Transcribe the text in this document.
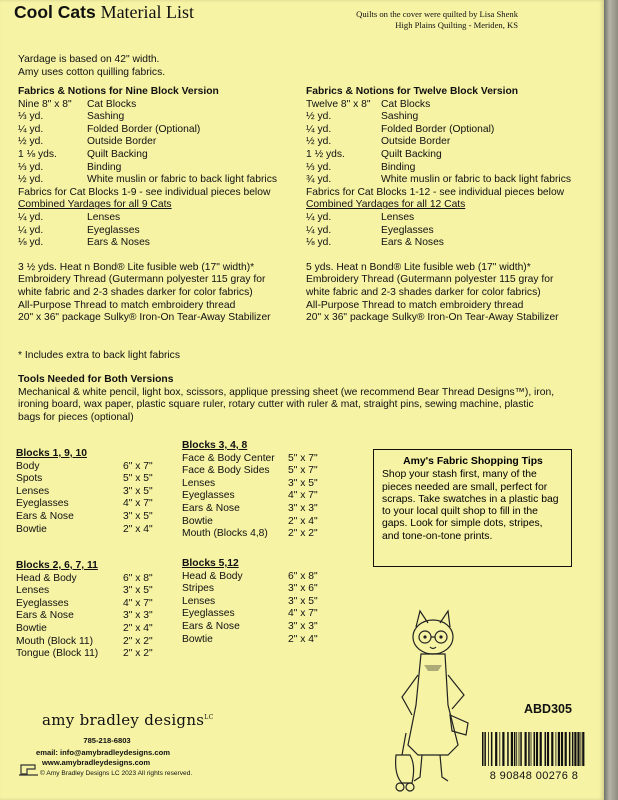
Cool Cats Material List	Quilts on the cover were quilted by Lisa Shenk
High Plains Quilting - Meriden, KS
Yardage is based on 42" width.
Amy uses cotton quilling fabrics.
Fabrics & Notions for Nine Block Version
Nine 8" x 8" Cat Blocks
⅓ yd.	Sashing
¼ yd.	Folded Border (Optional)
½ yd.	Outside Border
1 ⅛ yds.	Quilt Backing
⅓ yd.	Binding
½ yd.	White muslin or fabric to back light fabrics
Fabrics for Cat Blocks 1-9 - see individual pieces below
Combined Yardages for all 9 Cats
¼ yd.	Lenses
¼ yd.	Eyeglasses
⅛ yd.	Ears & Noses
3 ½ yds. Heat n Bond® Lite fusible web (17" width)*
Embroidery Thread (Gutermann polyester 115 gray for
white fabric and 2-3 shades darker for color fabrics)
All-Purpose Thread to match embroidery thread
20" x 36" package Sulky® Iron-On Tear-Away Stabilizer
Fabrics & Notions for Twelve Block Version
Twelve 8" x 8" Cat Blocks
½ yd.	Sashing
¼ yd.	Folded Border (Optional)
½ yd.	Outside Border
1 ½ yds.	Quilt Backing
⅓ yd.	Binding
¾ yd.	White muslin or fabric to back light fabrics
Fabrics for Cat Blocks 1-12 - see individual pieces below
Combined Yardages for all 12 Cats
¼ yd.	Lenses
¼ yd.	Eyeglasses
⅛ yd.	Ears & Noses
5 yds. Heat n Bond® Lite fusible web (17" width)*
Embroidery Thread (Gutermann polyester 115 gray for
white fabric and 2-3 shades darker for color fabrics)
All-Purpose Thread to match embroidery thread
20" x 36" package Sulky® Iron-On Tear-Away Stabilizer
* Includes extra to back light fabrics
Tools Needed for Both Versions
Mechanical & white pencil, light box, scissors, applique pressing sheet (we recommend Bear Thread Designs™), iron,
ironing board, wax paper, plastic square ruler, rotary cutter with ruler & mat, straight pins, sewing machine, plastic
bags for pieces (optional)
Blocks 1, 9, 10
Body	6" x 7"
Spots	5" x 5"
Lenses	3" x 5"
Eyeglasses	4" x 7"
Ears & Nose	3" x 5"
Bowtie	2" x 4"
Blocks 3, 4, 8
Face & Body Center 5" x 7"
Face & Body Sides 5" x 7"
Lenses	3" x 5"
Eyeglasses	4" x 7"
Ears & Nose	3" x 3"
Bowtie	2" x 4"
Mouth (Blocks 4,8) 2" x 2"
Blocks 2, 6, 7, 11
Head & Body	6" x 8"
Lenses	3" x 5"
Eyeglasses	4" x 7"
Ears & Nose	3" x 3"
Bowtie	2" x 4"
Mouth (Block 11)	2" x 2"
Tongue (Block 11) 2" x 2"
Blocks 5,12
Head & Body	6" x 8"
Stripes	3" x 6"
Lenses	3" x 5"
Eyeglasses	4" x 7"
Ears & Nose	3" x 3"
Bowtie	2" x 4"
Amy's Fabric Shopping Tips
Shop your stash first, many of the
pieces needed are small, perfect for
scraps. Take swatches in a plastic bag
to your local quilt shop to fill in the
gaps. Look for simple dots, stripes,
and tone-on-tone prints.
amy bradley designs$^{LC}$
785-218-6803
email: info@amybradleydesigns.com
www.amybradleydesigns.com
© Amy Bradley Designs LC 2023 All rights reserved.
ABD305
8 90848 00276 8
